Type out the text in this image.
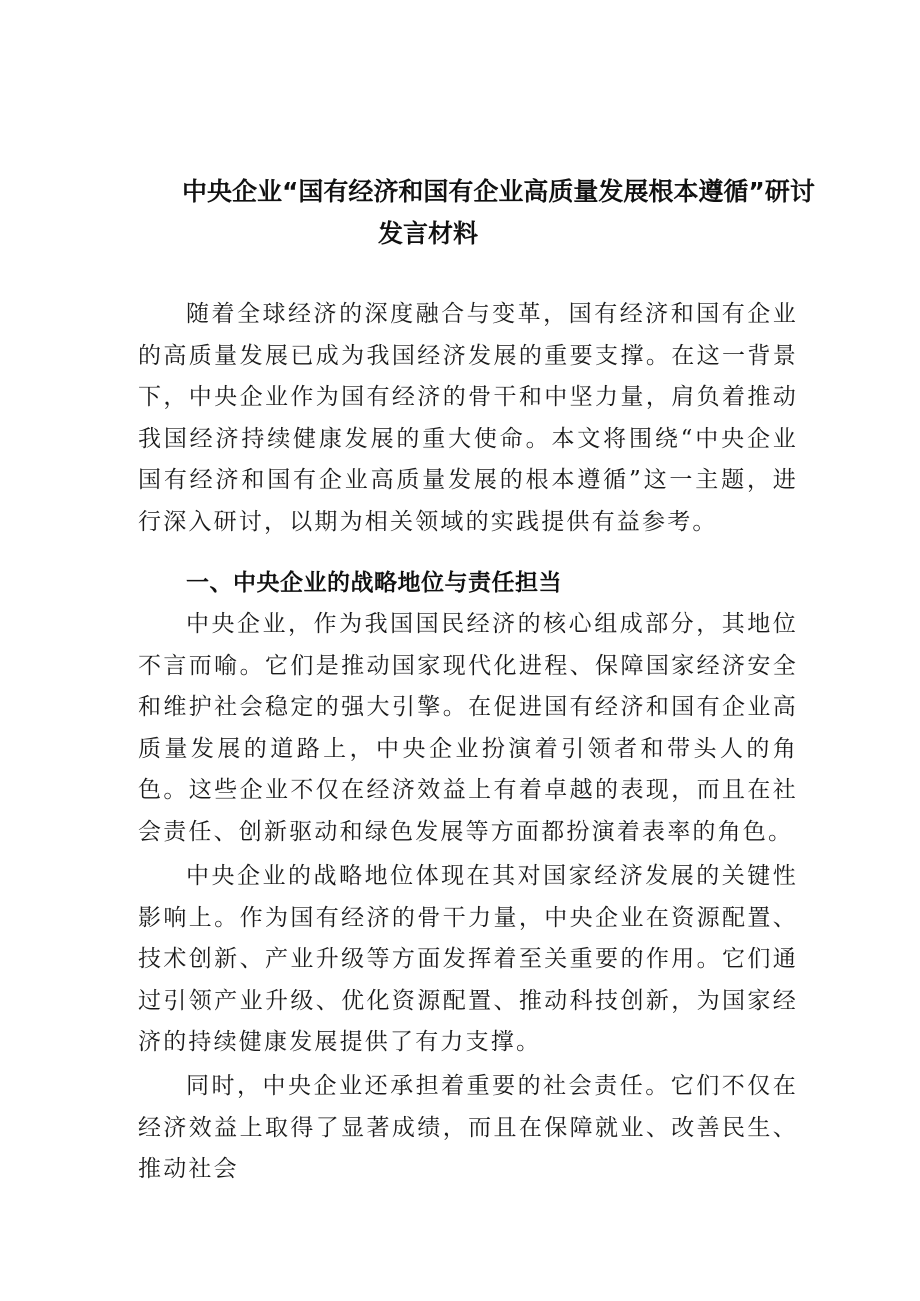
中央企业“国有经济和国有企业高质量发展根本遵循”研讨
发言材料
随着全球经济的深度融合与变革，国有经济和国有企业的高质量发展已成为我国经济发展的重要支撑。在这一背景下，中央企业作为国有经济的骨干和中坚力量，肩负着推动我国经济持续健康发展的重大使命。本文将围绕“中央企业国有经济和国有企业高质量发展的根本遵循”这一主题，进行深入研讨，以期为相关领域的实践提供有益参考。
一、中央企业的战略地位与责任担当
中央企业，作为我国国民经济的核心组成部分，其地位不言而喻。它们是推动国家现代化进程、保障国家经济安全和维护社会稳定的强大引擎。在促进国有经济和国有企业高质量发展的道路上，中央企业扮演着引领者和带头人的角色。这些企业不仅在经济效益上有着卓越的表现，而且在社会责任、创新驱动和绿色发展等方面都扮演着表率的角色。
中央企业的战略地位体现在其对国家经济发展的关键性影响上。作为国有经济的骨干力量，中央企业在资源配置、技术创新、产业升级等方面发挥着至关重要的作用。它们通过引领产业升级、优化资源配置、推动科技创新，为国家经济的持续健康发展提供了有力支撑。
同时，中央企业还承担着重要的社会责任。它们不仅在经济效益上取得了显著成绩，而且在保障就业、改善民生、推动社会
